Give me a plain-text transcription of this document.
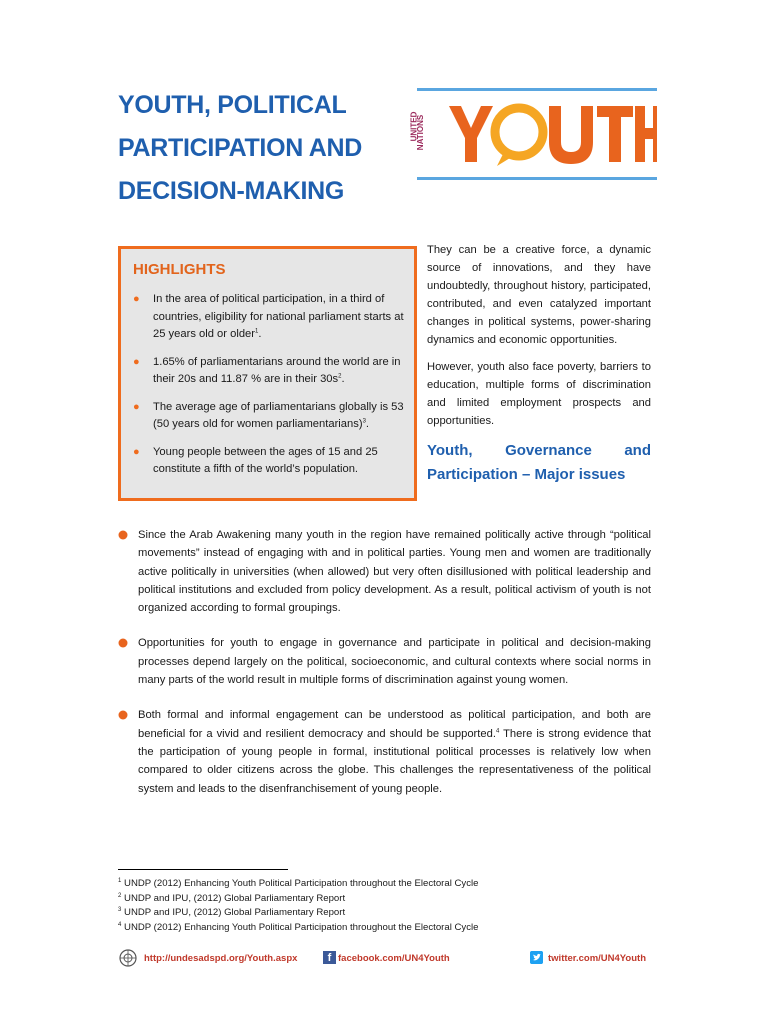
YOUTH, POLITICAL
PARTICIPATION AND
DECISION-MAKING
UNITED
NATIONS
HIGHLIGHTS
● In the area of political participation, in a third of countries, eligibility for national parliament starts at 25 years old or older$^1$.
● 1.65% of parliamentarians around the world are in their 20s and 11.87 % are in their $30s^2$.
● The average age of parliamentarians globally is 53 (50 years old for women parliamentarians)$^3$.
● Young people between the ages of 15 and 25 constitute a fifth of the world’s population.

They can be a creative force, a dynamic source of innovations, and they have undoubtedly, throughout history, participated, contributed, and even catalyzed important changes in political systems, power-sharing dynamics and economic opportunities.

However, youth also face poverty, barriers to education, multiple forms of discrimination and limited employment prospects and opportunities.

Youth, Governance and Participation – Major issues
Since the Arab Awakening many youth in the region have remained politically active through “political movements” instead of engaging with and in political parties. Young men and women are traditionally active politically in universities (when allowed) but very often disillusioned with political leadership and political institutions and excluded from policy development. As a result, political activism of youth is not organized according to formal groupings.
Opportunities for youth to engage in governance and participate in political and decision-making processes depend largely on the political, socioeconomic, and cultural contexts where social norms in many parts of the world result in multiple forms of discrimination against young women.
Both formal and informal engagement can be understood as political participation, and both are beneficial for a vivid and resilient democracy and should be supported.$^4$ There is strong evidence that the participation of young people in formal, institutional political processes is relatively low when compared to older citizens across the globe. This challenges the representativeness of the political system and leads to the disenfranchisement of young people.
$^1$ UNDP (2012) Enhancing Youth Political Participation throughout the Electoral Cycle
$^2$ UNDP and IPU, (2012) Global Parliamentary Report
$^3$ UNDP and IPU, (2012) Global Parliamentary Report
$^4$ UNDP (2012) Enhancing Youth Political Participation throughout the Electoral Cycle
http://undesadspd.org/Youth.aspx	f facebook.com/UN4Youth	twitter.com/UN4Youth
